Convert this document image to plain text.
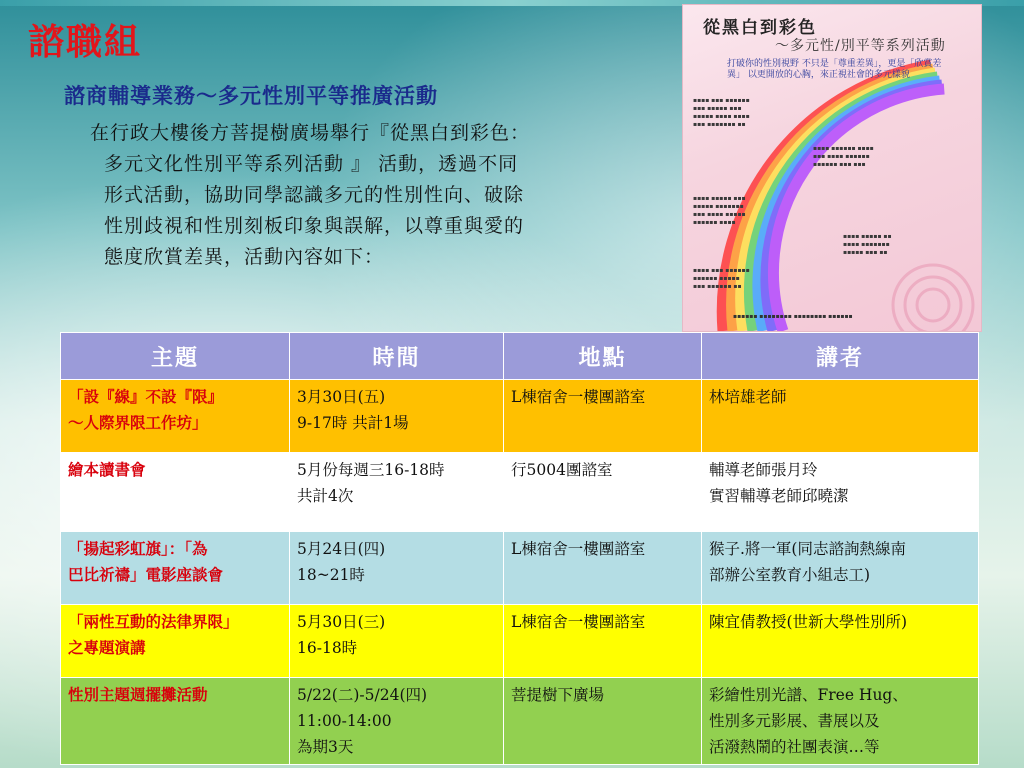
諮職組
諮商輔導業務～多元性別平等推廣活動

在行政大樓後方菩提樹廣場舉行『從黑白到彩色：
多元文化性別平等系列活動 』 活動，透過不同
形式活動，協助同學認識多元的性別性向、破除
性別歧視和性別刻板印象與誤解，以尊重與愛的
態度欣賞差異，活動內容如下：

從黑白到彩色
～多元性/別平等系列活動
打破你的性別視野 不只是「尊重差異」，更是「欣賞差異」 以更開放的心胸，來正視社會的多元樣貌
▪▪▪▪ ▪▪▪ ▪▪▪▪▪▪
▪▪▪ ▪▪▪▪▪ ▪▪▪
▪▪▪▪▪ ▪▪▪▪ ▪▪▪▪
▪▪▪ ▪▪▪▪▪▪▪ ▪▪
▪▪▪▪ ▪▪▪▪▪▪ ▪▪▪▪
▪▪▪ ▪▪▪▪ ▪▪▪▪▪▪
▪▪▪▪▪▪ ▪▪▪ ▪▪▪
▪▪▪▪ ▪▪▪▪▪ ▪▪▪
▪▪▪▪▪ ▪▪▪▪▪▪▪
▪▪▪ ▪▪▪▪ ▪▪▪▪▪
▪▪▪▪▪▪ ▪▪▪▪
▪▪▪▪ ▪▪▪▪▪ ▪▪
▪▪▪▪ ▪▪▪▪▪▪▪
▪▪▪▪▪ ▪▪▪ ▪▪
▪▪▪▪ ▪▪▪ ▪▪▪▪▪▪
▪▪▪▪▪▪ ▪▪▪▪▪
▪▪▪ ▪▪▪▪▪▪ ▪▪
▪▪▪▪▪▪ ▪▪▪▪▪▪▪▪ ▪▪▪▪▪▪▪▪ ▪▪▪▪▪▪
主題	時間	地點	講者

「設『線』不設『限』
～人際界限工作坊」	3月30日(五)
9-17時 共計1場	L棟宿舍一樓團諮室	林培雄老師

繪本讀書會	5月份每週三16-18時
共計4次	行5004團諮室	輔導老師張月玲
實習輔導老師邱曉潔

「揚起彩虹旗」：「為
巴比祈禱」電影座談會	5月24日(四)
18~21時	L棟宿舍一樓團諮室	猴子.將一軍(同志諮詢熱線南
部辦公室教育小組志工)

「兩性互動的法律界限」
之專題演講	5月30日(三)
16-18時	L棟宿舍一樓團諮室	陳宜倩教授(世新大學性別所)

性別主題週擺攤活動	5/22(二)-5/24(四)
11:00-14:00
為期3天	菩提樹下廣場	彩繪性別光譜、Free Hug、
性別多元影展、書展以及
活潑熱鬧的社團表演…等
